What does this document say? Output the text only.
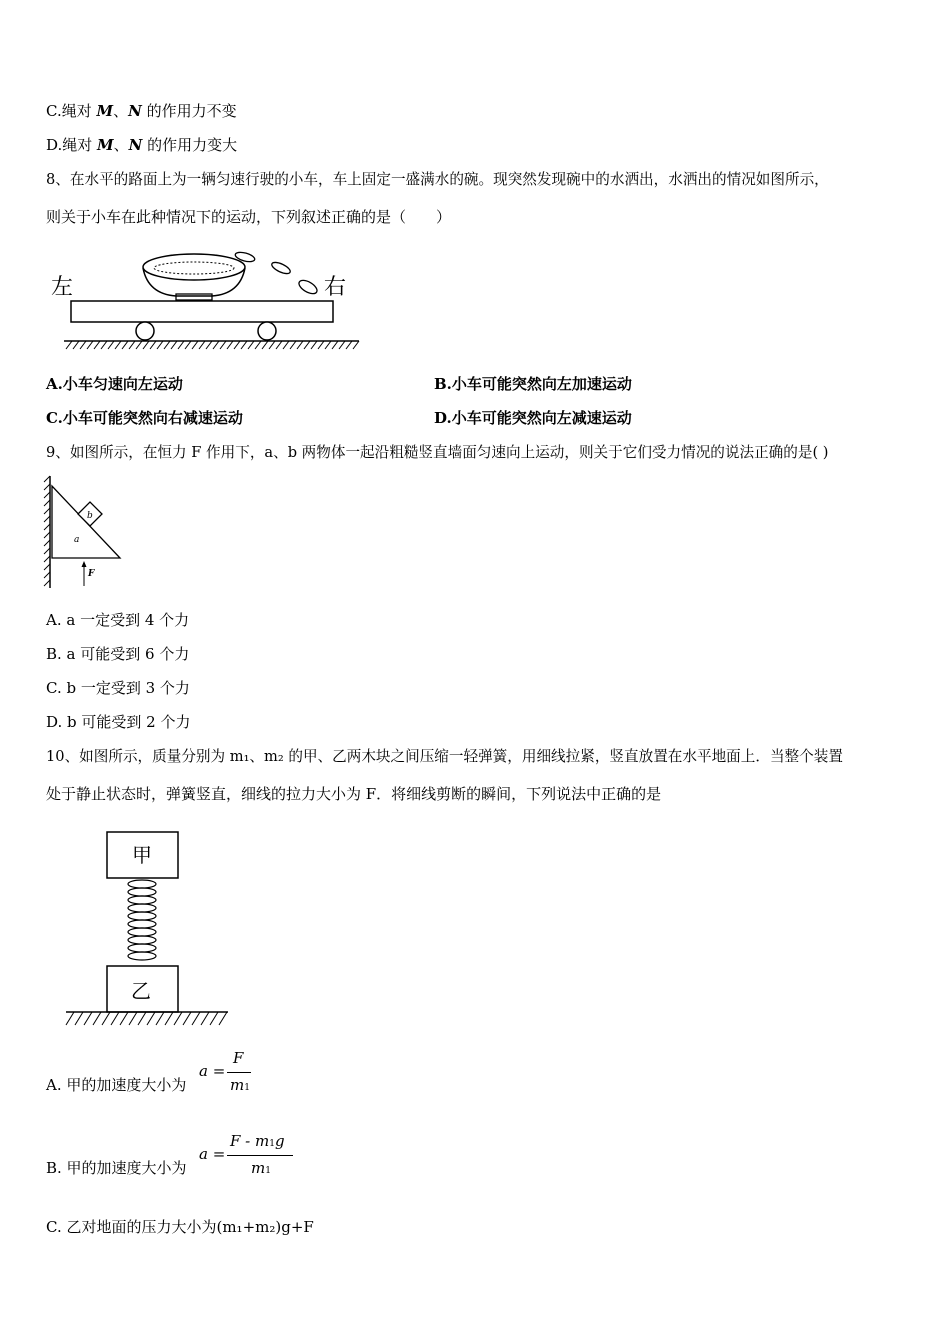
C.绳对 M、N 的作用力不变
D.绳对 M、N 的作用力变大
8、在水平的路面上为一辆匀速行驶的小车，车上固定一盛满水的碗。现突然发现碗中的水洒出，水洒出的情况如图所示，
则关于小车在此种情况下的运动，下列叙述正确的是（　　）
左	右
A.小车匀速向左运动	B.小车可能突然向左加速运动
C.小车可能突然向右减速运动	D.小车可能突然向左减速运动
9、如图所示，在恒力 F 作用下，a、b 两物体一起沿粗糙竖直墙面匀速向上运动，则关于它们受力情况的说法正确的是( )
b
a
F
A. a 一定受到 4 个力
B. a 可能受到 6 个力
C. b 一定受到 3 个力
D. b 可能受到 2 个力
10、如图所示，质量分别为 m₁、m₂ 的甲、乙两木块之间压缩一轻弹簧，用细线拉紧，竖直放置在水平地面上．当整个装置
处于静止状态时，弹簧竖直，细线的拉力大小为 F．将细线剪断的瞬间，下列说法中正确的是
甲
乙
A. 甲的加速度大小为
a =
F
m1
B. 甲的加速度大小为
a =
F - m1g
m1
C. 乙对地面的压力大小为(m₁+m₂)g+F
